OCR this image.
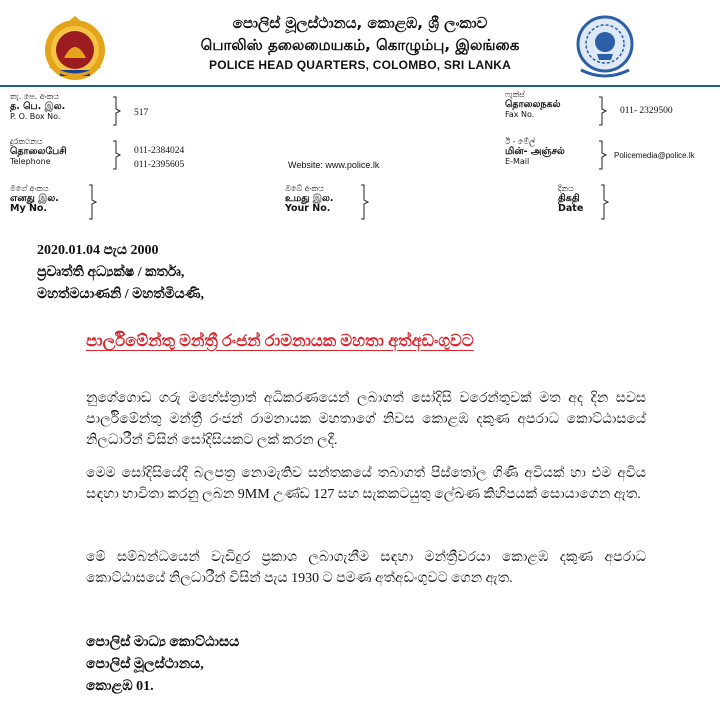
පොලිස් මූලස්ථානය, කොළඹ, ශ්‍රී ලංකාව
பொலிஸ் தலைமையகம், கொழும்பு, இலங்கை
POLICE HEAD QUARTERS, COLOMBO, SRI LANKA
තැ. පෙ. අංකය
த. பெ. இல.
P. O. Box No.	517
ෆැක්ස්
தொலைநகல்
Fax No.	011- 2329500
දුරකථනය
தொலைபேசி
Telephone
011-2384024
011-2395605	Website: www.police.lk
ඊ - මේල්
மின்- அஞ்சல்
E-Mail
Policemedia@police.lk
මගේ අංකය
எனது இல.
My No.
ඔබේ අංකය
உமது இல.
Your No.
දිනය
திகதி
Date
2020.01.04 පැය 2000
ප්‍රවෘත්ති අධ්‍යක්ෂ / කර්තෘ,
මහත්මයාණනි / මහත්මියණි,
පාර්ලිමේන්තු මන්ත්‍රී රංජන් රාමනායක මහතා අත්අඩංගුවට
නුගේගොඩ ගරු මහේස්ත්‍රාත් අධිකරණයෙන් ලබාගත් සෝදිසි වරෙන්තුවක් මත අද දින සවස පාර්ලිමේන්තු මන්ත්‍රී රංජන් රාමනායක මහතාගේ නිවස කොළඹ දකුණ අපරාධ කොට්ඨාසයේ නිලධාරීන් විසින් සෝදිසියකට ලක් කරන ලදී.
මෙම සෝදිසියේදී බලපත්‍ර නොමැතිව සන්තකයේ තබාගත් පිස්තෝල ගිණි අවියක් හා එම අවිය සඳහා භාවිතා කරනු ලබන 9MM උණ්ඩ 127 සහ සැකකටයුතු ලේඛණ කිහිපයක් සොයාගෙන ඇත.
මේ සම්බන්ධයෙන් වැඩිදුර ප්‍රකාශ ලබාගැනීම සඳහා මන්ත්‍රීවරයා කොළඹ දකුණ අපරාධ කොට්ඨාසයේ නිලධාරීන් විසින් පැය 1930 ට පමණ අත්අඩංගුවට ගෙන ඇත.
පොලිස් මාධ්‍ය කොට්ඨාසය
පොලිස් මූලස්ථානය,
කොළඹ 01.
